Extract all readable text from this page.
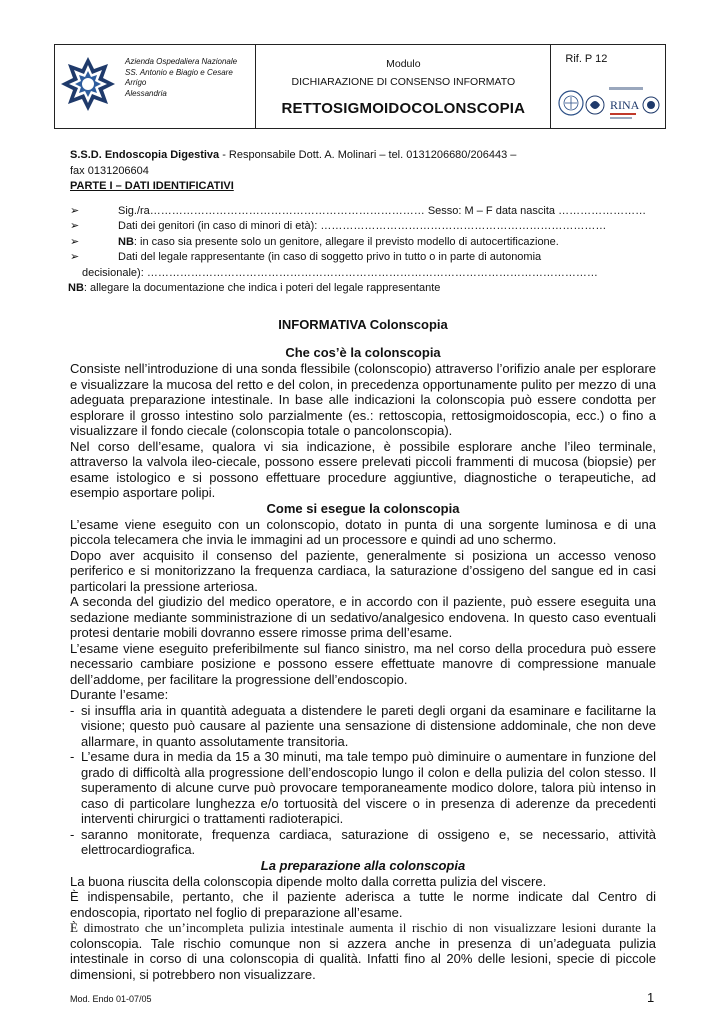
Azienda Ospedaliera Nazionale
SS. Antonio e Biagio e Cesare
Arrigo
Alessandria
Modulo
DICHIARAZIONE DI CONSENSO INFORMATO
RETTOSIGMOIDOCOLONSCOPIA
Rif. P 12
RINA
S.S.D. Endoscopia Digestiva - Responsabile Dott. A. Molinari – tel. 0131206680/206443 –
fax 0131206604
PARTE I – DATI IDENTIFICATIVI
➢	Sig./ra………………………………………………………………… Sesso: M – F data nascita ……………………
➢	Dati dei genitori (in caso di minori di età): ……………………………………………………………………
➢	NB: in caso sia presente solo un genitore, allegare il previsto modello di autocertificazione.
➢	Dati del legale rappresentante (in caso di soggetto privo in tutto o in parte di autonomia
decisionale): ……………………………………………………………………………………………………………
NB: allegare la documentazione che indica i poteri del legale rappresentante
INFORMATIVA Colonscopia
Che cos’è la colonscopia

Consiste nell’introduzione di una sonda flessibile (colonscopio) attraverso l’orifizio anale per esplorare e visualizzare la mucosa del retto e del colon, in precedenza opportunamente pulito per mezzo di una adeguata preparazione intestinale. In base alle indicazioni la colonscopia può essere condotta per esplorare il grosso intestino solo parzialmente (es.: rettoscopia, rettosigmoidoscopia, ecc.) o fino a visualizzare il fondo ciecale (colonscopia totale o pancolonscopia).

Nel corso dell’esame, qualora vi sia indicazione, è possibile esplorare anche l’ileo terminale, attraverso la valvola ileo-ciecale, possono essere prelevati piccoli frammenti di mucosa (biopsie) per esame istologico e si possono effettuare procedure aggiuntive, diagnostiche o terapeutiche, ad esempio asportare polipi.

Come si esegue la colonscopia

L’esame viene eseguito con un colonscopio, dotato in punta di una sorgente luminosa e di una piccola telecamera che invia le immagini ad un processore e quindi ad uno schermo.

Dopo aver acquisito il consenso del paziente, generalmente si posiziona un accesso venoso periferico e si monitorizzano la frequenza cardiaca, la saturazione d’ossigeno del sangue ed in casi particolari la pressione arteriosa.

A seconda del giudizio del medico operatore, e in accordo con il paziente, può essere eseguita una sedazione mediante somministrazione di un sedativo/analgesico endovena. In questo caso eventuali protesi dentarie mobili dovranno essere rimosse prima dell’esame.

L’esame viene eseguito preferibilmente sul fianco sinistro, ma nel corso della procedura può essere necessario cambiare posizione e possono essere effettuate manovre di compressione manuale dell’addome, per facilitare la progressione dell’endoscopio.

Durante l’esame:

- si insuffla aria in quantità adeguata a distendere le pareti degli organi da esaminare e facilitarne la visione; questo può causare al paziente una sensazione di distensione addominale, che non deve allarmare, in quanto assolutamente transitoria.
- L’esame dura in media da 15 a 30 minuti, ma tale tempo può diminuire o aumentare in funzione del grado di difficoltà alla progressione dell’endoscopio lungo il colon e della pulizia del colon stesso. Il superamento di alcune curve può provocare temporaneamente modico dolore, talora più intenso in caso di particolare lunghezza e/o tortuosità del viscere o in presenza di aderenze da precedenti interventi chirurgici o trattamenti radioterapici.
- saranno monitorate, frequenza cardiaca, saturazione di ossigeno e, se necessario, attività elettrocardiografica.
La preparazione alla colonscopia

La buona riuscita della colonscopia dipende molto dalla corretta pulizia del viscere.

È indispensabile, pertanto, che il paziente aderisca a tutte le norme indicate dal Centro di endoscopia, riportato nel foglio di preparazione all’esame.

È dimostrato che un’incompleta pulizia intestinale aumenta il rischio di non visualizzare lesioni durante la colonscopia. Tale rischio comunque non si azzera anche in presenza di un’adeguata pulizia intestinale in corso di una colonscopia di qualità. Infatti fino al 20% delle lesioni, specie di piccole dimensioni, si potrebbero non visualizzare.

Mod. Endo 01-07/05	1
